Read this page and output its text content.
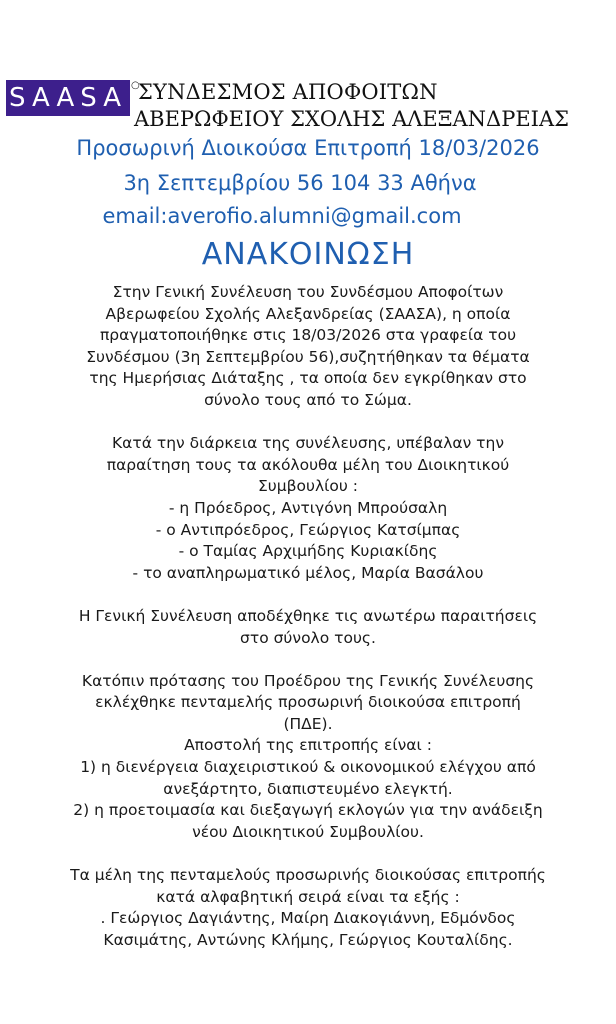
SAASA ○
ΣΥΝΔΕΣΜΟΣ ΑΠΟΦΟΙΤΩΝ
ΑΒΕΡΩΦΕΙΟΥ ΣΧΟΛΗΣ ΑΛΕΞΑΝΔΡΕΙΑΣ
Προσωρινή Διοικούσα Επιτροπή 18/03/2026
3η Σεπτεμβρίου 56 104 33 Αθήνα
email:averofio.alumni@gmail.com
ΑΝΑΚΟΙΝΩΣΗ

Στην Γενική Συνέλευση του Συνδέσμου Αποφοίτων

Αβερωφείου Σχολής Αλεξανδρείας (ΣΑΑΣΑ), η οποία

πραγματοποιήθηκε στις 18/03/2026 στα γραφεία του

Συνδέσμου (3η Σεπτεμβρίου 56),συζητήθηκαν τα θέματα

της Ημερήσιας Διάταξης , τα οποία δεν εγκρίθηκαν στο

σύνολο τους από το Σώμα.

Κατά την διάρκεια της συνέλευσης, υπέβαλαν την

παραίτηση τους τα ακόλουθα μέλη του Διοικητικού

Συμβουλίου :

- η Πρόεδρος, Αντιγόνη Μπρούσαλη

- ο Αντιπρόεδρος, Γεώργιος Κατσίμπας

- ο Ταμίας Αρχιμήδης Κυριακίδης

- το αναπληρωματικό μέλος, Μαρία Βασάλου

Η Γενική Συνέλευση αποδέχθηκε τις ανωτέρω παραιτήσεις

στο σύνολο τους.

Κατόπιν πρότασης του Προέδρου της Γενικής Συνέλευσης

εκλέχθηκε πενταμελής προσωρινή διοικούσα επιτροπή

(ΠΔΕ).

Αποστολή της επιτροπής είναι :

1) η διενέργεια διαχειριστικού & οικονομικού ελέγχου από

ανεξάρτητο, διαπιστευμένο ελεγκτή.

2) η προετοιμασία και διεξαγωγή εκλογών για την ανάδειξη

νέου Διοικητικού Συμβουλίου.

Τα μέλη της πενταμελούς προσωρινής διοικούσας επιτροπής

κατά αλφαβητική σειρά είναι τα εξής :

. Γεώργιος Δαγιάντης, Μαίρη Διακογιάννη, Εδμόνδος

Κασιμάτης, Αντώνης Κλήμης, Γεώργιος Κουταλίδης.
